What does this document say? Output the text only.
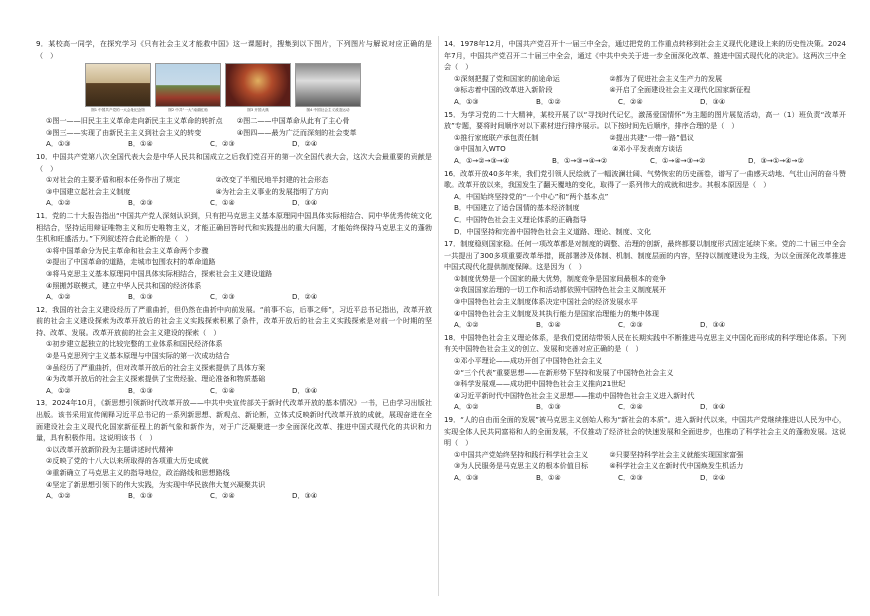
9．某校高一同学，在探究学习《只有社会主义才能救中国》这一课题时，搜集到以下图片，下列图片与解说对应正确的是（　）
图1 中国共产党的一大会址纪念馆	图2 中共“一大”南湖红船	图3 开国大典	图4 中国社会主义改造运动
①图一——旧民主主义革命走向新民主主义革命的转折点　　②图二——中国革命从此有了主心骨
③图三——实现了由新民主主义到社会主义的转变　　　　　④图四——最为广泛而深刻的社会变革
A．①③	B．①④	C．②③	D．②④
10．中国共产党第八次全国代表大会是中华人民共和国成立之后我们党召开的第一次全国代表大会，这次大会最重要的贡献是（　）
①对社会的主要矛盾和根本任务作出了规定　　　　　②改变了半殖民地半封建的社会形态
③中国建立起社会主义制度　　　　　　　　　　　　④为社会主义事业的发展指明了方向
A．①②	B．②③	C．①④	D．③④
11．党的二十大报告指出“中国共产党人深刻认识到，只有把马克思主义基本原理同中国具体实际相结合、同中华优秀传统文化相结合，坚持运用辩证唯物主义和历史唯物主义，才能正确回答时代和实践提出的重大问题，才能始终保持马克思主义的蓬勃生机和旺盛活力。”下列叙述符合此论断的是（　）
①将中国革命分为民主革命和社会主义革命两个步骤
②提出了中国革命的道路，走城市包围农村的革命道路
③将马克思主义基本原理同中国具体实际相结合，探索社会主义建设道路
④照搬苏联模式，建立中华人民共和国的经济体系
A．①②	B．①③	C．②③	D．②④
12．我国的社会主义建设经历了严重曲折，但仍然在曲折中向前发展。“前事不忘，后事之师”，习近平总书记指出，改革开放前的社会主义建设探索为改革开放后的社会主义实践探索积累了条件，改革开放后的社会主义实践探索是对前一个时期的坚持、改革、发展。改革开放前的社会主义建设的探索（　）
①初步建立起独立的比较完整的工业体系和国民经济体系
②是马克思列宁主义基本原理与中国实际的第一次成功结合
③虽经历了严重曲折，但对改革开放后的社会主义探索提供了具体方案
④为改革开放后的社会主义探索提供了宝贵经验、理论准备和物质基础
A．①②	B．①③	C．①④	D．③④
13．2024年10月，《新思想引领新时代改革开放——中共中央宣传部关于新时代改革开放的基本情况》一书，已由学习出版社出版。该书采用宣传阐释习近平总书记的一系列新思想、新观点、新论断，立体式反映新时代改革开放的成就，展现奋进在全面建设社会主义现代化国家新征程上的新气象和新作为，对于广泛凝聚进一步全面深化改革、推进中国式现代化的共识和力量，具有积极作用。这说明该书（　）
①以改革开放新阶段为主题讲述时代精神
②反映了党的十八大以来所取得的各项重大历史成就
③重新确立了马克思主义的指导地位，政治路线和思想路线
④坚定了新思想引领下的伟大实践，为实现中华民族伟大复兴凝聚共识
A．①②	B．①③	C．②④	D．③④
14．1978年12月，中国共产党召开十一届三中全会，通过把党的工作重点转移到社会主义现代化建设上来的历史性决策。2024年7月，中国共产党召开二十届三中全会，通过《中共中央关于进一步全面深化改革、推进中国式现代化的决定》。这两次三中全会（　）
①深刻把握了党和国家的前途命运　　　　　　　②都为了促进社会主义生产力的发展
③标志着中国的改革进入新阶段　　　　　　　　④开启了全面建设社会主义现代化国家新征程
A．①③	B．①②	C．②④	D．③④
15．为学习党的二十大精神，某校开展了以“寻找时代记忆，激荡爱国情怀”为主题的图片展览活动，高一（1）班负责“改革开放”专题，要将时间顺序对以下素材进行排序展示。以下按时间先后顺序，排序合理的是（　）
①推行家庭联产承包责任制　　　　　　　　　　②提出共建“一带一路”倡议
③中国加入WTO　　　　　　　　　　　　　　　④邓小平发表南方谈话
A．①→②→③→④	B．①→③→④→②	C．①→④→③→②	D．③→①→④→②
16．改革开放40多年来，我们党引领人民绘就了一幅波澜壮阔、气势恢宏的历史画卷，谱写了一曲感天动地、气壮山河的奋斗赞歌。改革开放以来，我国发生了翻天覆地的变化，取得了一系列伟大的成就和进步。其根本原因是（　）
A．中国始终坚持党的“一个中心”和“两个基本点”
B．中国建立了适合国情的基本经济制度
C．中国特色社会主义理论体系的正确指导
D．中国坚持和完善中国特色社会主义道路、理论、制度、文化
17．制度稳则国家稳。任何一项改革都是对制度的调整、治理的创新，最终都要以制度形式固定延续下来。党的二十届三中全会一共提出了300多项重要改革举措，既部署涉及体制、机制、制度层面的内容，坚持以制度建设为主线，为以全面深化改革推进中国式现代化提供制度保障。这是因为（　）
①制度优势是一个国家的最大优势，制度竞争是国家间最根本的竞争
②我国国家治理的一切工作和活动都依照中国特色社会主义制度展开
③中国特色社会主义制度体系决定中国社会的经济发展水平
④中国特色社会主义制度及其执行能力是国家治理能力的集中体现
A．①②	B．①④	C．②③	D．③④
18．中国特色社会主义理论体系，是我们党团结带领人民在长期实践中不断推进马克思主义中国化而形成的科学理论体系。下列有关中国特色社会主义的创立、发展和完善对应正确的是（　）
①邓小平理论——成功开创了中国特色社会主义
②“三个代表”重要思想——在新形势下坚持和发展了中国特色社会主义
③科学发展观——成功把中国特色社会主义推向21世纪
④习近平新时代中国特色社会主义思想——推动中国特色社会主义进入新时代
A．①②	B．①③	C．②④	D．③④
19．“人的自由而全面的发展”被马克思主义创始人称为“新社会的本质”。进入新时代以来，中国共产党继续推进以人民为中心，实现全体人民共同富裕和人的全面发展，不仅推动了经济社会的快速发展和全面进步，也推动了科学社会主义的蓬勃发展。这说明（　）
①中国共产党始终坚持和践行科学社会主义　　　②只要坚持科学社会主义就能实现国家富强
③为人民服务是马克思主义的根本价值目标　　　④科学社会主义在新时代中国焕发生机活力
A．①③	B．①④	C．②③	D．②④
